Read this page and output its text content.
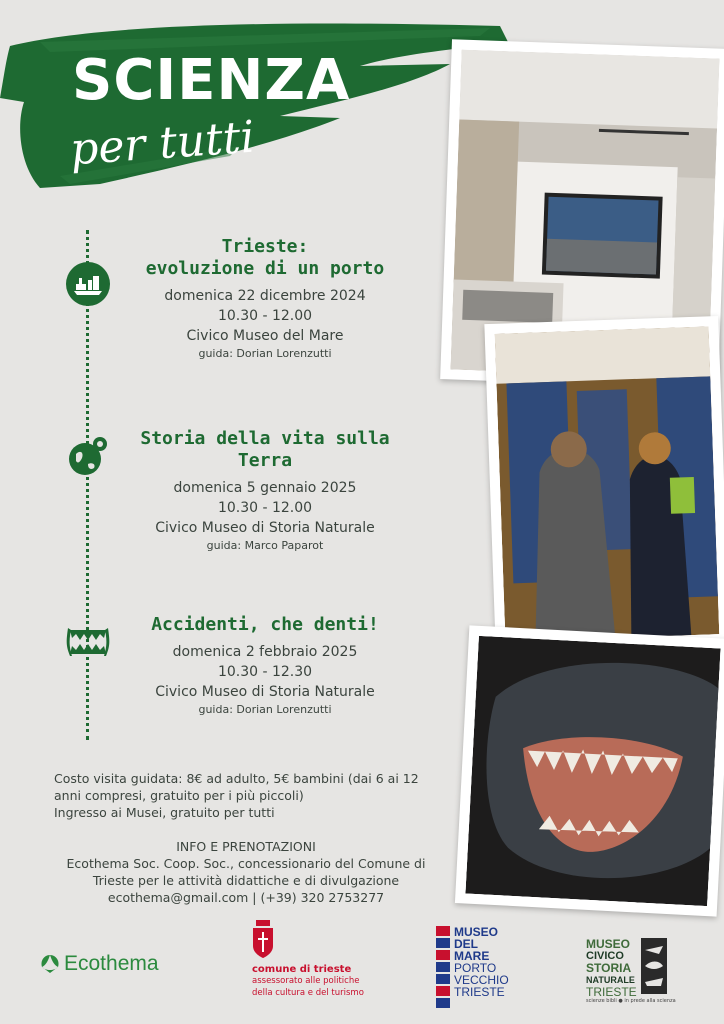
SCIENZA
per tutti
Trieste:
evoluzione di un porto
domenica 22 dicembre 2024
10.30 - 12.00
Civico Museo del Mare
guida: Dorian Lorenzutti
Storia della vita sulla
Terra
domenica 5 gennaio 2025
10.30 - 12.00
Civico Museo di Storia Naturale
guida: Marco Paparot
Accidenti, che denti!
domenica 2 febbraio 2025
10.30 - 12.30
Civico Museo di Storia Naturale
guida: Dorian Lorenzutti
Costo visita guidata: 8€ ad adulto, 5€ bambini (dai 6 ai 12
anni compresi, gratuito per i più piccoli)
Ingresso ai Musei, gratuito per tutti
INFO E PRENOTAZIONI
Ecothema Soc. Coop. Soc., concessionario del Comune di
Trieste per le attività didattiche e di divulgazione
ecothema@gmail.com | (+39) 320 2753277
Ecothema	comune di trieste
assessorato alle politiche
della cultura e del turismo
MUSEO
DEL
MARE
PORTO
VECCHIO
TRIESTE
MUSEO
CIVICO
STORIA
NATURALE
TRIESTE
scienze bibli ● in prede alla scienza
